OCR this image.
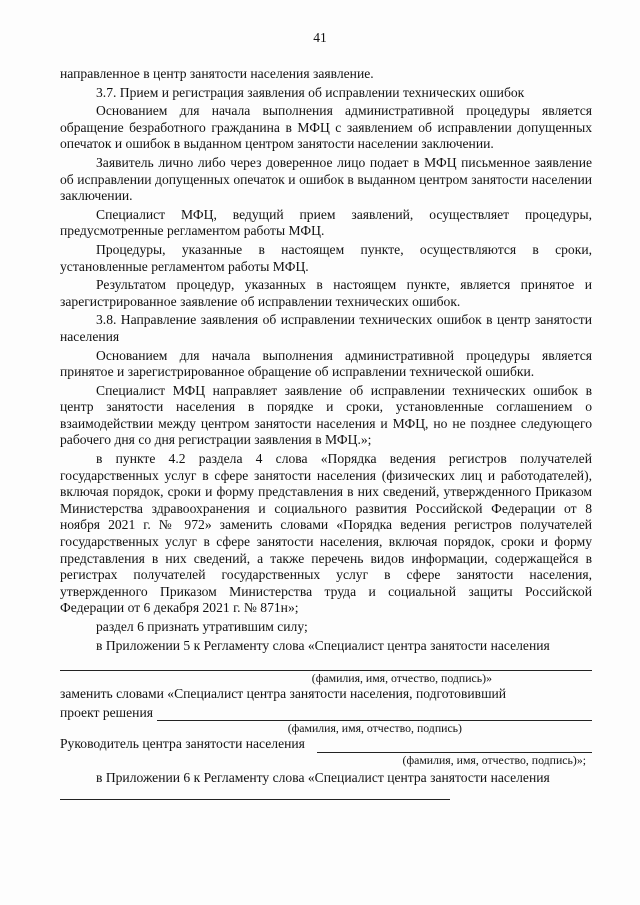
41

направленное в центр занятости населения заявление.

3.7. Прием и регистрация заявления об исправлении технических ошибок

Основанием для начала выполнения административной процедуры является обращение безработного гражданина в МФЦ с заявлением об исправлении допущенных опечаток и ошибок в выданном центром занятости населении заключении.

Заявитель лично либо через доверенное лицо подает в МФЦ письменное заявление об исправлении допущенных опечаток и ошибок в выданном центром занятости населении заключении.

Специалист МФЦ, ведущий прием заявлений, осуществляет процедуры, предусмотренные регламентом работы МФЦ.

Процедуры, указанные в настоящем пункте, осуществляются в сроки, установленные регламентом работы МФЦ.

Результатом процедур, указанных в настоящем пункте, является принятое и зарегистрированное заявление об исправлении технических ошибок.

3.8. Направление заявления об исправлении технических ошибок в центр занятости населения

Основанием для начала выполнения административной процедуры является принятое и зарегистрированное обращение об исправлении технической ошибки.

Специалист МФЦ направляет заявление об исправлении технических ошибок в центр занятости населения в порядке и сроки, установленные соглашением о взаимодействии между центром занятости населения и МФЦ, но не позднее следующего рабочего дня со дня регистрации заявления в МФЦ.»;

в пункте 4.2 раздела 4 слова «Порядка ведения регистров получателей государственных услуг в сфере занятости населения (физических лиц и работодателей), включая порядок, сроки и форму представления в них сведений, утвержденного Приказом Министерства здравоохранения и социального развития Российской Федерации от 8 ноября 2021 г. № 972» заменить словами «Порядка ведения регистров получателей государственных услуг в сфере занятости населения, включая порядок, сроки и форму представления в них сведений, а также перечень видов информации, содержащейся в регистрах получателей государственных услуг в сфере занятости населения, утвержденного Приказом Министерства труда и социальной защиты Российской Федерации от 6 декабря 2021 г. № 871н»;

раздел 6 признать утратившим силу;

в Приложении 5 к Регламенту слова «Специалист центра занятости населения

(фамилия, имя, отчество, подпись)»

заменить словами «Специалист центра занятости населения, подготовивший

проект решения
(фамилия, имя, отчество, подпись)
Руководитель центра занятости населения
(фамилия, имя, отчество, подпись)»;

в Приложении 6 к Регламенту слова «Специалист центра занятости населения
